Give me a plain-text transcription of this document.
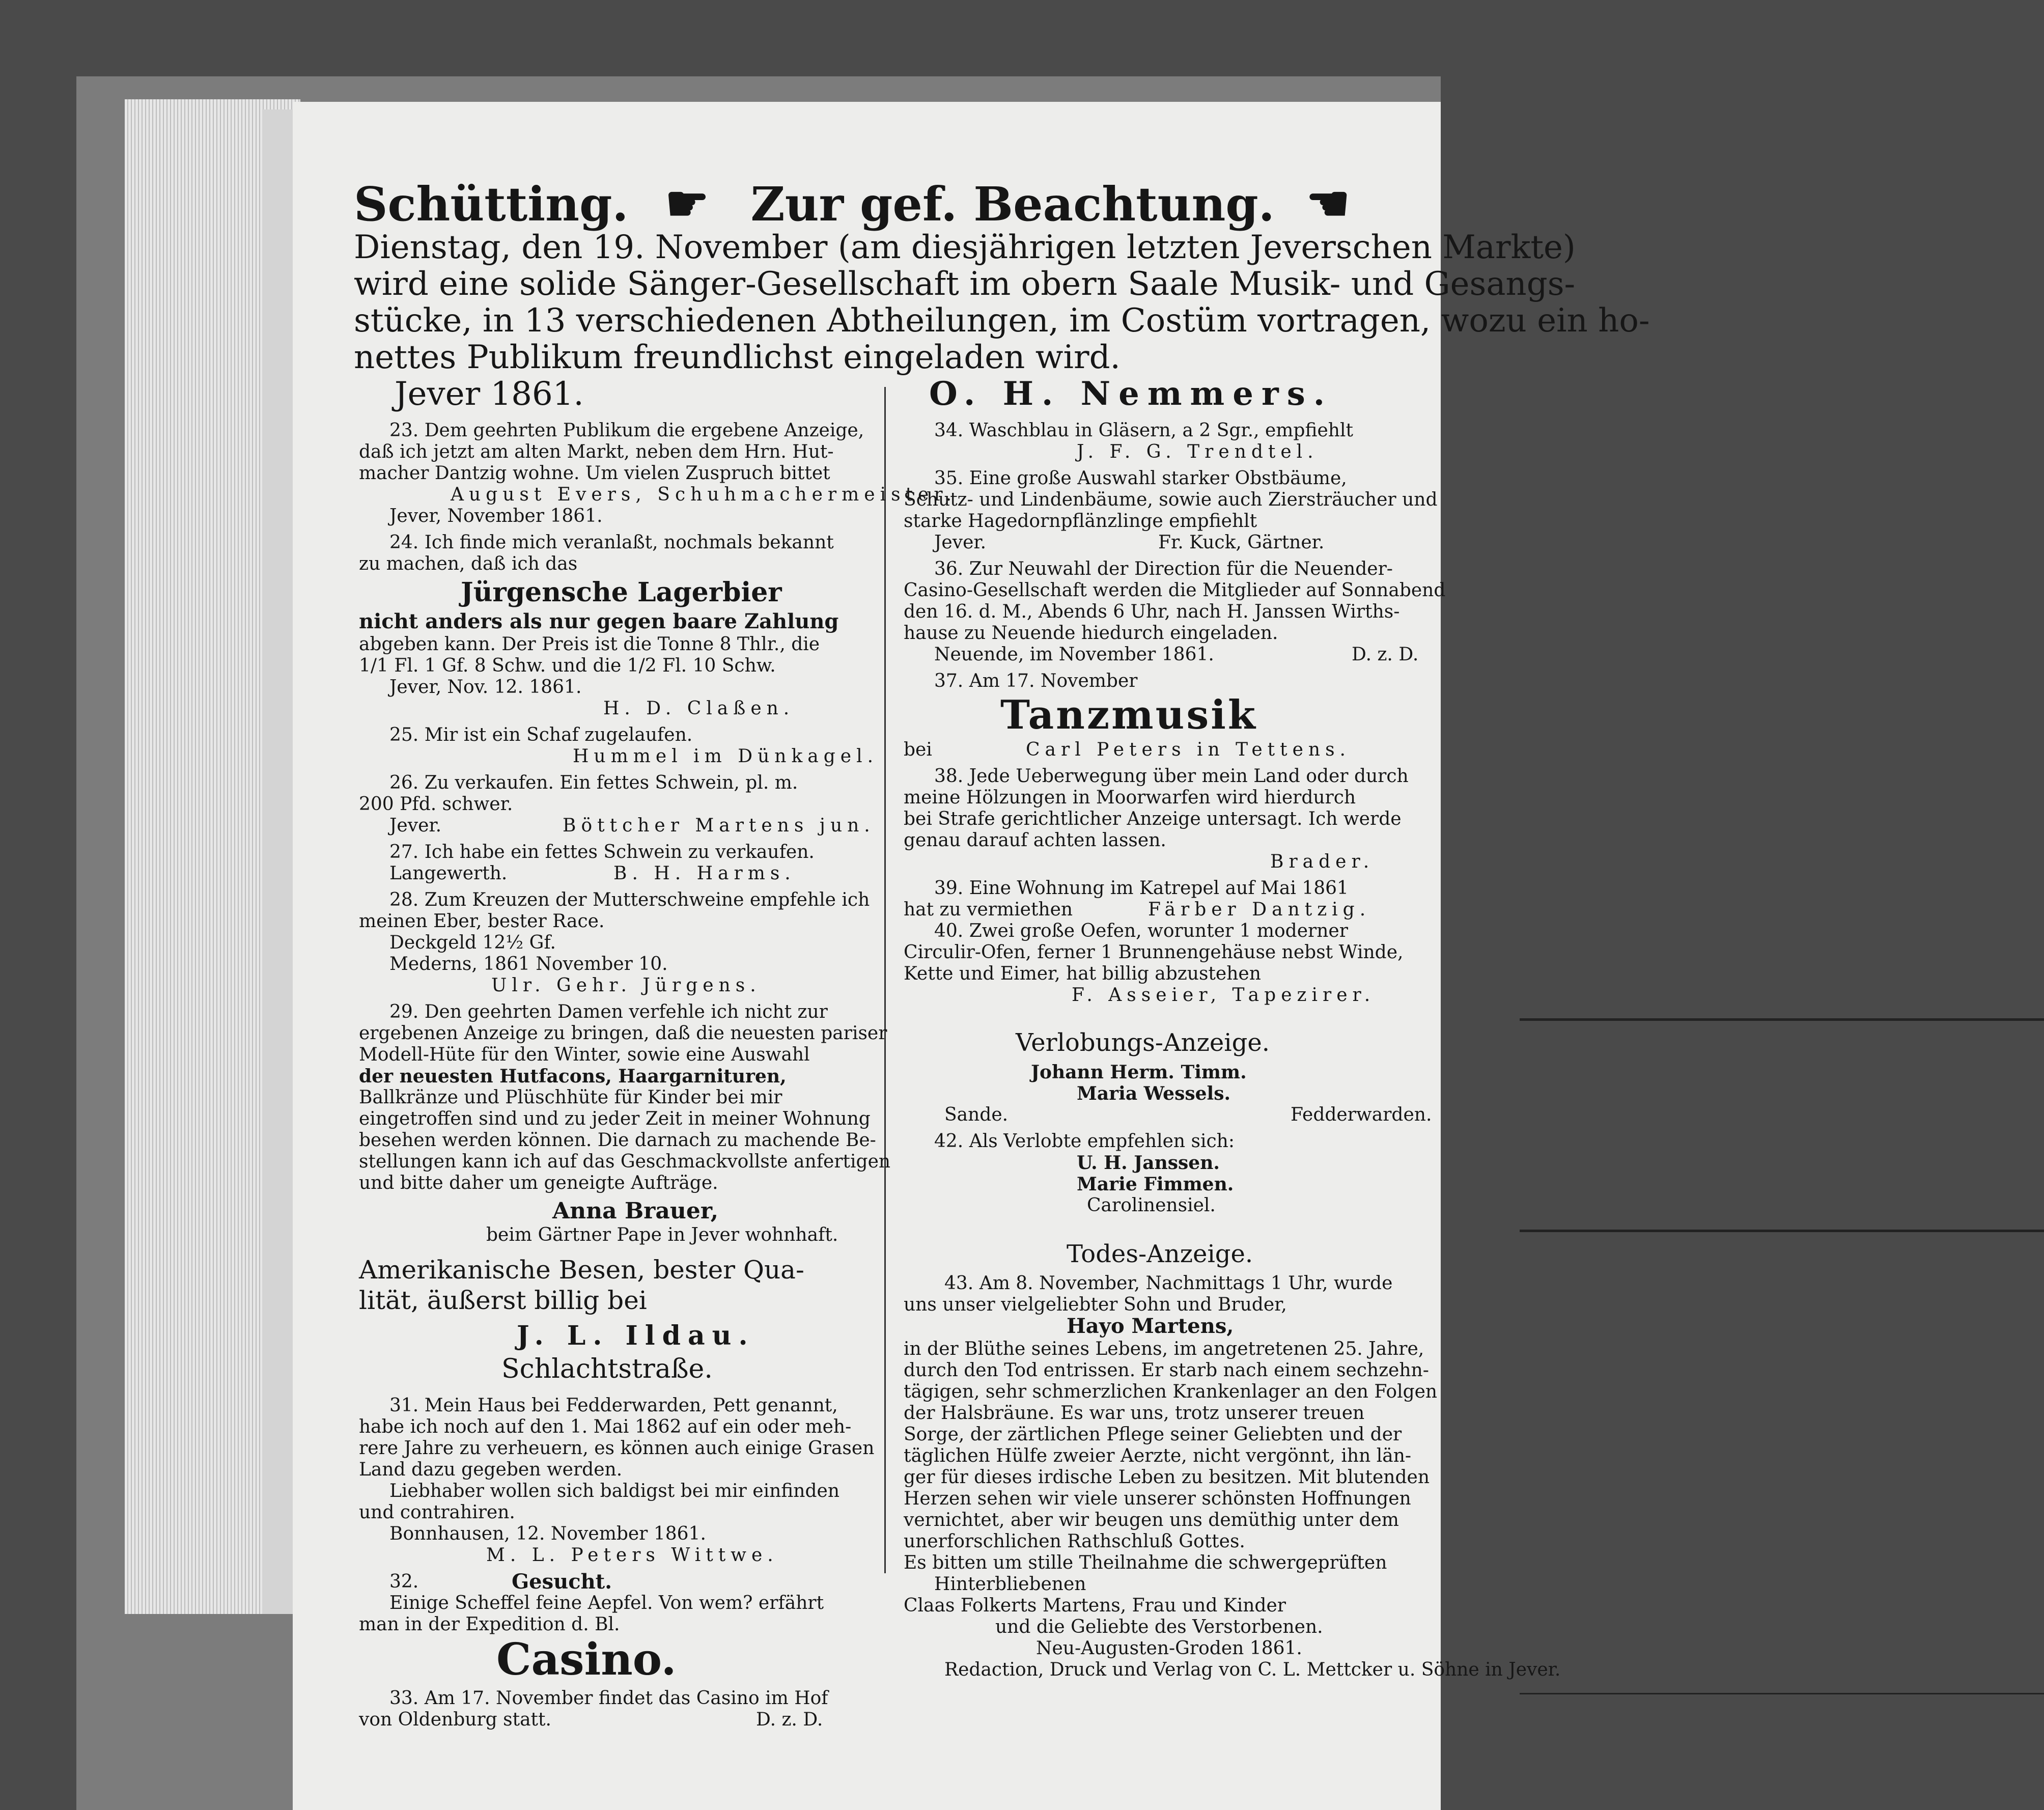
Schütting. ☛ Zur gef. Beachtung. ☚
Dienstag, den 19. November (am diesjährigen letzten Jeverschen Markte)
wird eine solide Sänger-Gesellschaft im obern Saale Musik- und Gesangs-
stücke, in 13 verschiedenen Abtheilungen, im Costüm vortragen, wozu ein ho-
nettes Publikum freundlichst eingeladen wird.
Jever 1861.	O. H. Nemmers.
23. Dem geehrten Publikum die ergebene Anzeige,
daß ich jetzt am alten Markt, neben dem Hrn. Hut-
macher Dantzig wohne. Um vielen Zuspruch bittet
August Evers, Schuhmachermeister.
Jever, November 1861.
24. Ich finde mich veranlaßt, nochmals bekannt
zu machen, daß ich das
Jürgensche Lagerbier
nicht anders als nur gegen baare Zahlung
abgeben kann. Der Preis ist die Tonne 8 Thlr., die
1/1 Fl. 1 Gf. 8 Schw. und die 1/2 Fl. 10 Schw.
Jever, Nov. 12. 1861.
H. D. Claßen.
25. Mir ist ein Schaf zugelaufen.
Hummel im Dünkagel.
26. Zu verkaufen. Ein fettes Schwein, pl. m.
200 Pfd. schwer.
Jever.	Böttcher Martens jun.
27. Ich habe ein fettes Schwein zu verkaufen.
Langewerth.	B. H. Harms.
28. Zum Kreuzen der Mutterschweine empfehle ich
meinen Eber, bester Race.
Deckgeld 12½ Gf.
Mederns, 1861 November 10.
Ulr. Gehr. Jürgens.
29. Den geehrten Damen verfehle ich nicht zur
ergebenen Anzeige zu bringen, daß die neuesten pariser
Modell-Hüte für den Winter, sowie eine Auswahl
der neuesten Hutfacons, Haargarnituren,
Ballkränze und Plüschhüte für Kinder bei mir
eingetroffen sind und zu jeder Zeit in meiner Wohnung
besehen werden können. Die darnach zu machende Be-
stellungen kann ich auf das Geschmackvollste anfertigen
und bitte daher um geneigte Aufträge.
Anna Brauer,
beim Gärtner Pape in Jever wohnhaft.
Amerikanische Besen, bester Qua-
lität, äußerst billig bei
J. L. Ildau.
Schlachtstraße.
31. Mein Haus bei Fedderwarden, Pett genannt,
habe ich noch auf den 1. Mai 1862 auf ein oder meh-
rere Jahre zu verheuern, es können auch einige Grasen
Land dazu gegeben werden.
Liebhaber wollen sich baldigst bei mir einfinden
und contrahiren.
Bonnhausen, 12. November 1861.
M. L. Peters Wittwe.
32.	Gesucht.
Einige Scheffel feine Aepfel. Von wem? erfährt
man in der Expedition d. Bl.
Casino.
33. Am 17. November findet das Casino im Hof
von Oldenburg statt.	D. z. D.
34. Waschblau in Gläsern, a 2 Sgr., empfiehlt
J. F. G. Trendtel.
35. Eine große Auswahl starker Obstbäume,
Schutz- und Lindenbäume, sowie auch Ziersträucher und
starke Hagedornpflänzlinge empfiehlt
Jever.	Fr. Kuck, Gärtner.
36. Zur Neuwahl der Direction für die Neuender-
Casino-Gesellschaft werden die Mitglieder auf Sonnabend
den 16. d. M., Abends 6 Uhr, nach H. Janssen Wirths-
hause zu Neuende hiedurch eingeladen.
Neuende, im November 1861.	D. z. D.
37. Am 17. November
Tanzmusik
bei	Carl Peters in Tettens.
38. Jede Ueberwegung über mein Land oder durch
meine Hölzungen in Moorwarfen wird hierdurch
bei Strafe gerichtlicher Anzeige untersagt. Ich werde
genau darauf achten lassen.
Brader.
39. Eine Wohnung im Katrepel auf Mai 1861
hat zu vermiethen	Färber Dantzig.
40. Zwei große Oefen, worunter 1 moderner
Circulir-Ofen, ferner 1 Brunnengehäuse nebst Winde,
Kette und Eimer, hat billig abzustehen
F. Asseier, Tapezirer.
Verlobungs-Anzeige.
Johann Herm. Timm.
Maria Wessels.
Sande.	Fedderwarden.
42. Als Verlobte empfehlen sich:
U. H. Janssen.
Marie Fimmen.
Carolinensiel.
Todes-Anzeige.
43. Am 8. November, Nachmittags 1 Uhr, wurde
uns unser vielgeliebter Sohn und Bruder,
Hayo Martens,
in der Blüthe seines Lebens, im angetretenen 25. Jahre,
durch den Tod entrissen. Er starb nach einem sechzehn-
tägigen, sehr schmerzlichen Krankenlager an den Folgen
der Halsbräune. Es war uns, trotz unserer treuen
Sorge, der zärtlichen Pflege seiner Geliebten und der
täglichen Hülfe zweier Aerzte, nicht vergönnt, ihn län-
ger für dieses irdische Leben zu besitzen. Mit blutenden
Herzen sehen wir viele unserer schönsten Hoffnungen
vernichtet, aber wir beugen uns demüthig unter dem
unerforschlichen Rathschluß Gottes.
Es bitten um stille Theilnahme die schwergeprüften
Hinterbliebenen
Claas Folkerts Martens, Frau und Kinder
und die Geliebte des Verstorbenen.
Neu-Augusten-Groden 1861.
Redaction, Druck und Verlag von C. L. Mettcker u. Söhne in Jever.
